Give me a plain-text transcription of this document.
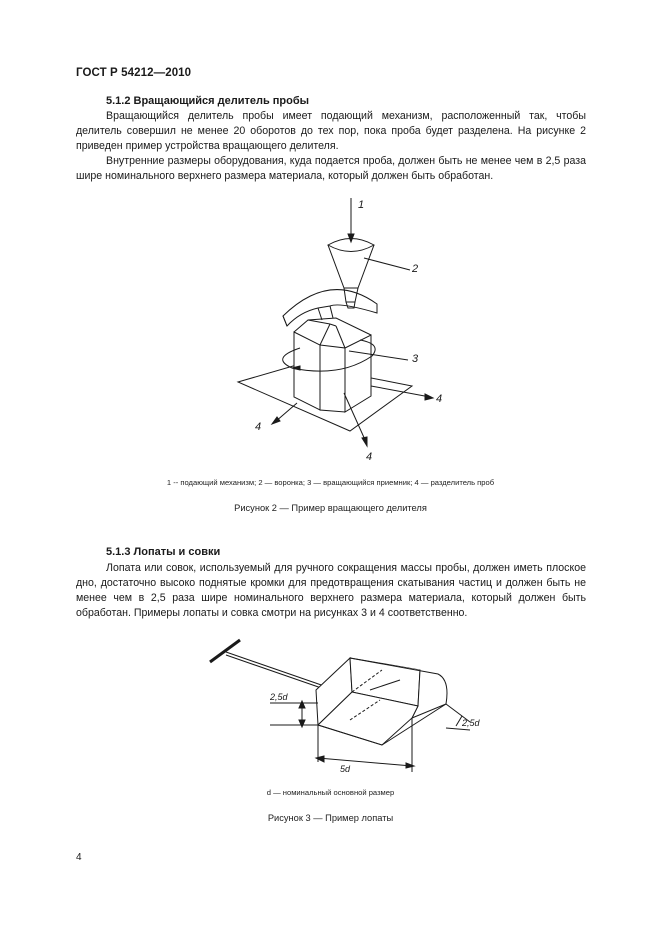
ГОСТ Р 54212—2010
5.1.2 Вращающийся делитель пробы

Вращающийся делитель пробы имеет подающий механизм, расположенный так, чтобы делитель совершил не менее 20 оборотов до тех пор, пока проба будет разделена. На рисунке 2 приведен пример устройства вращающего делителя.

Внутренние размеры оборудования, куда подается проба, должен быть не менее чем в 2,5 раза шире номинального верхнего размера материала, который должен быть обработан.

1
2
3
4
4
4
1 -- подающий механизм; 2 — воронка; 3 — вращающийся приемник; 4 — разделитель проб
Рисунок 2 — Пример вращающего делителя
5.1.3 Лопаты и совки

Лопата или совок, используемый для ручного сокращения массы пробы, должен иметь плоское дно, достаточно высоко поднятые кромки для предотвращения скатывания частиц и должен быть не менее чем в 2,5 раза шире номинального верхнего размера материала, который должен быть обработан. Примеры лопаты и совка смотри на рисунках 3 и 4 соответственно.

2,5d
2,5d
5d
d — номинальный основной размер
Рисунок 3 — Пример лопаты
4
